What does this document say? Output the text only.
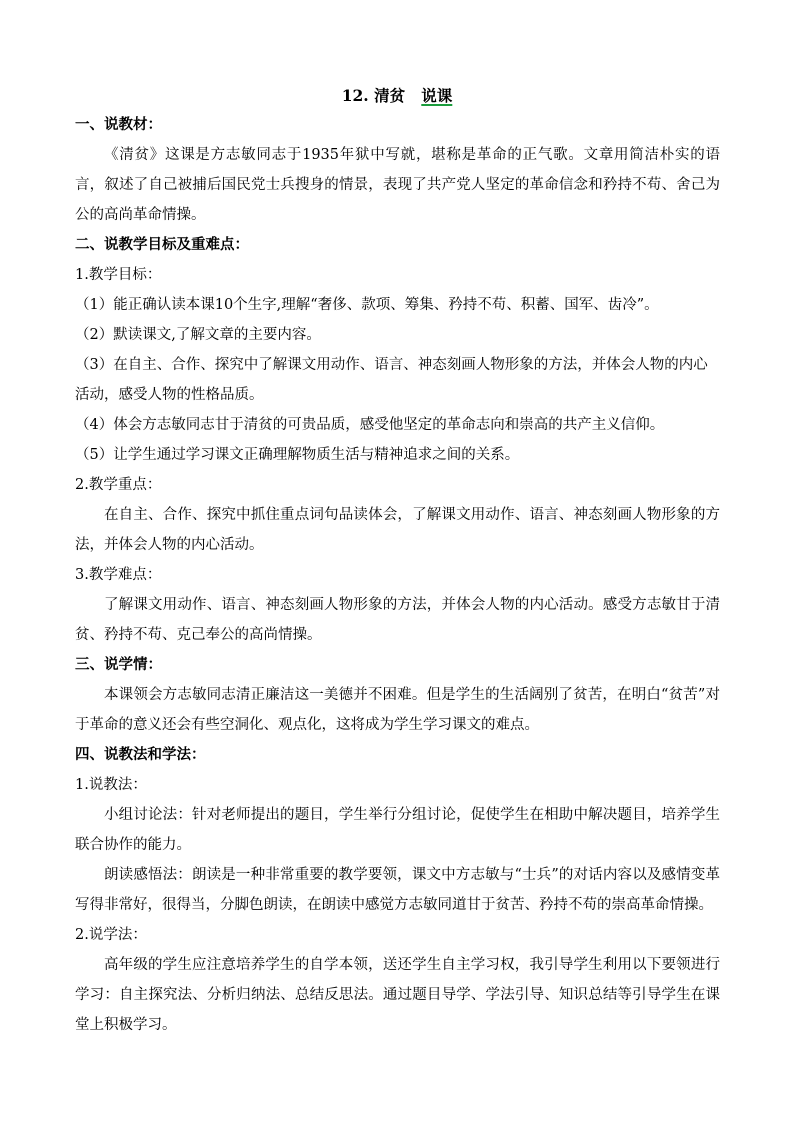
12. 清贫 说课

一、说教材：

《清贫》这课是方志敏同志于1935年狱中写就，堪称是革命的正气歌。文章用简洁朴实的语言，叙述了自己被捕后国民党士兵搜身的情景，表现了共产党人坚定的革命信念和矜持不苟、舍己为公的高尚革命情操。

二、说教学目标及重难点：

1.教学目标：

（1）能正确认读本课10个生字,理解“奢侈、款项、筹集、矜持不苟、积蓄、国军、齿冷”。

（2）默读课文,了解文章的主要内容。

（3）在自主、合作、探究中了解课文用动作、语言、神态刻画人物形象的方法，并体会人物的内心活动，感受人物的性格品质。

（4）体会方志敏同志甘于清贫的可贵品质，感受他坚定的革命志向和崇高的共产主义信仰。

（5）让学生通过学习课文正确理解物质生活与精神追求之间的关系。

2.教学重点：

在自主、合作、探究中抓住重点词句品读体会，了解课文用动作、语言、神态刻画人物形象的方法，并体会人物的内心活动。

3.教学难点：

了解课文用动作、语言、神态刻画人物形象的方法，并体会人物的内心活动。感受方志敏甘于清贫、矜持不苟、克己奉公的高尚情操。

三、说学情：

本课领会方志敏同志清正廉洁这一美德并不困难。但是学生的生活阔别了贫苦，在明白“贫苦”对于革命的意义还会有些空洞化、观点化，这将成为学生学习课文的难点。

四、说教法和学法：

1.说教法：

小组讨论法：针对老师提出的题目，学生举行分组讨论，促使学生在相助中解决题目，培养学生联合协作的能力。

朗读感悟法：朗读是一种非常重要的教学要领，课文中方志敏与“士兵”的对话内容以及感情变革写得非常好，很得当，分脚色朗读，在朗读中感觉方志敏同道甘于贫苦、矜持不苟的崇高革命情操。

2.说学法：

高年级的学生应注意培养学生的自学本领，送还学生自主学习权，我引导学生利用以下要领进行学习：自主探究法、分析归纳法、总结反思法。通过题目导学、学法引导、知识总结等引导学生在课堂上积极学习。
